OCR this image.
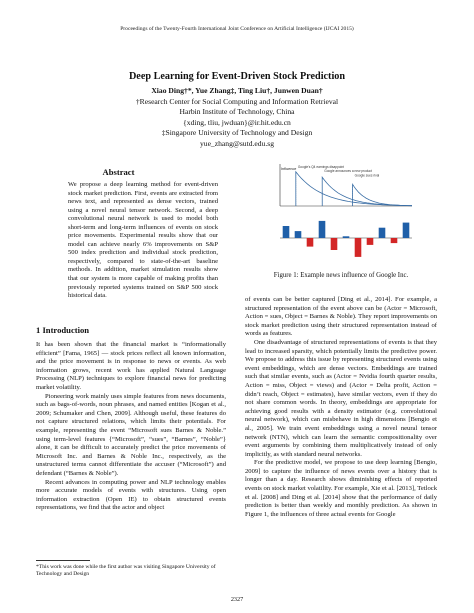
Proceedings of the Twenty-Fourth International Joint Conference on Artificial Intelligence (IJCAI 2015)
Deep Learning for Event-Driven Stock Prediction
Xiao Ding†*, Yue Zhang‡, Ting Liu†, Junwen Duan†
†Research Center for Social Computing and Information Retrieval
Harbin Institute of Technology, China
{xding, tliu, jwduan}@ir.hit.edu.cn
‡Singapore University of Technology and Design
yue_zhang@sutd.edu.sg
Abstract
We propose a deep learning method for event-driven stock market prediction. First, events are extracted from news text, and represented as dense vectors, trained using a novel neural tensor network. Second, a deep convolutional neural network is used to model both short-term and long-term influences of events on stock price movements. Experimental results show that our model can achieve nearly 6% improvements on S&P 500 index prediction and individual stock prediction, respectively, compared to state-of-the-art baseline methods. In addition, market simulation results show that our system is more capable of making profits than previously reported systems trained on S&P 500 stock historical data.
1 Introduction

It has been shown that the financial market is “informationally efficient” [Fama, 1965] — stock prices reflect all known information, and the price movement is in response to news or events. As web information grows, recent work has applied Natural Language Processing (NLP) techniques to explore financial news for predicting market volatility.

Pioneering work mainly uses simple features from news documents, such as bags-of-words, noun phrases, and named entities [Kogan et al., 2009; Schumaker and Chen, 2009]. Although useful, these features do not capture structured relations, which limits their potentials. For example, representing the event “Microsoft sues Barnes & Noble.” using term-level features {“Microsoft”, “sues”, “Barnes”, “Noble”} alone, it can be difficult to accurately predict the price movements of Microsoft Inc. and Barnes & Noble Inc., respectively, as the unstructured terms cannot differentiate the accuser (“Microsoft”) and defendant (“Barnes & Noble”).

Recent advances in computing power and NLP technology enables more accurate models of events with structures. Using open information extraction (Open IE) to obtain structured events representations, we find that the actor and object

*This work was done while the first author was visiting Singapore University of Technology and Design
Influence Google's Q4 earnings disappoint
Google announces a new product
Google sues rival
Figure 1: Example news influence of Google Inc.

of events can be better captured [Ding et al., 2014]. For example, a structured representation of the event above can be (Actor = Microsoft, Action = sues, Object = Barnes & Noble). They report improvements on stock market prediction using their structured representation instead of words as features.

One disadvantage of structured representations of events is that they lead to increased sparsity, which potentially limits the predictive power. We propose to address this issue by representing structured events using event embeddings, which are dense vectors. Embeddings are trained such that similar events, such as (Actor = Nvidia fourth quarter results, Action = miss, Object = views) and (Actor = Delta profit, Action = didn’t reach, Object = estimates), have similar vectors, even if they do not share common words. In theory, embeddings are appropriate for achieving good results with a density estimator (e.g. convolutional neural network), which can misbehave in high dimensions [Bengio et al., 2005]. We train event embeddings using a novel neural tensor network (NTN), which can learn the semantic compositionality over event arguments by combining them multiplicatively instead of only implicitly, as with standard neural networks.

For the predictive model, we propose to use deep learning [Bengio, 2009] to capture the influence of news events over a history that is longer than a day. Research shows diminishing effects of reported events on stock market volatility. For example, Xie et al. [2013], Tetlock et al. [2008] and Ding et al. [2014] show that the performance of daily prediction is better than weekly and monthly prediction. As shown in Figure 1, the influences of three actual events for Google

2327
